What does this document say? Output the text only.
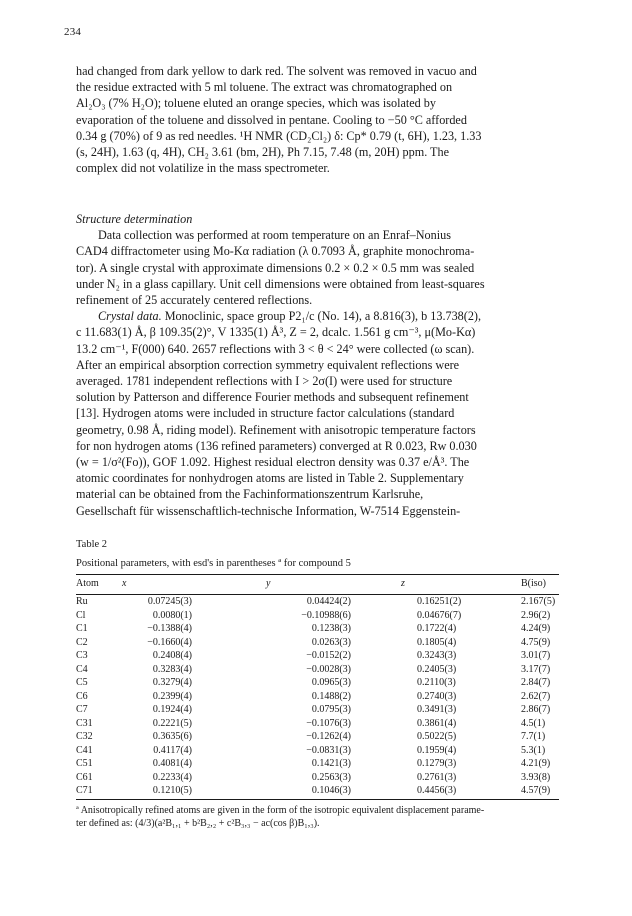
234

had changed from dark yellow to dark red. The solvent was removed in vacuo and

the residue extracted with 5 ml toluene. The extract was chromatographed on

Al₂O₃ (7% H₂O); toluene eluted an orange species, which was isolated by

evaporation of the toluene and dissolved in pentane. Cooling to −50 °C afforded

0.34 g (70%) of 9 as red needles. ¹H NMR (CD₂Cl₂) δ: Cp* 0.79 (t, 6H), 1.23, 1.33

(s, 24H), 1.63 (q, 4H), CH₂ 3.61 (bm, 2H), Ph 7.15, 7.48 (m, 20H) ppm. The

complex did not volatilize in the mass spectrometer.

Structure determination

Data collection was performed at room temperature on an Enraf–Nonius

CAD4 diffractometer using Mo-Kα radiation (λ 0.7093 Å, graphite monochroma-

tor). A single crystal with approximate dimensions 0.2 × 0.2 × 0.5 mm was sealed

under N₂ in a glass capillary. Unit cell dimensions were obtained from least-squares

refinement of 25 accurately centered reflections.

Crystal data. Monoclinic, space group P2₁/c (No. 14), a 8.816(3), b 13.738(2),

c 11.683(1) Å, β 109.35(2)°, V 1335(1) Å³, Z = 2, dcalc. 1.561 g cm⁻³, μ(Mo-Kα)

13.2 cm⁻¹, F(000) 640. 2657 reflections with 3 < θ < 24° were collected (ω scan).

After an empirical absorption correction symmetry equivalent reflections were

averaged. 1781 independent reflections with I > 2σ(I) were used for structure

solution by Patterson and difference Fourier methods and subsequent refinement

[13]. Hydrogen atoms were included in structure factor calculations (standard

geometry, 0.98 Å, riding model). Refinement with anisotropic temperature factors

for non hydrogen atoms (136 refined parameters) converged at R 0.023, Rw 0.030

(w = 1/σ²(Fo)), GOF 1.092. Highest residual electron density was 0.37 e/Å³. The

atomic coordinates for nonhydrogen atoms are listed in Table 2. Supplementary

material can be obtained from the Fachinformationszentrum Karlsruhe,

Gesellschaft für wissenschaftlich-technische Information, W-7514 Eggenstein-

Table 2
Positional parameters, with esd's in parentheses ª for compound 5
Atom	x	y	z	B(iso)

Ru	0.07245(3)	0.04424(2)	0.16251(2)	2.167(5)
Cl	0.0080(1)	−0.10988(6)	0.04676(7)	2.96(2)
C1	−0.1388(4)	0.1238(3)	0.1722(4)	4.24(9)
C2	−0.1660(4)	0.0263(3)	0.1805(4)	4.75(9)
C3	0.2408(4)	−0.0152(2)	0.3243(3)	3.01(7)
C4	0.3283(4)	−0.0028(3)	0.2405(3)	3.17(7)
C5	0.3279(4)	0.0965(3)	0.2110(3)	2.84(7)
C6	0.2399(4)	0.1488(2)	0.2740(3)	2.62(7)
C7	0.1924(4)	0.0795(3)	0.3491(3)	2.86(7)
C31	0.2221(5)	−0.1076(3)	0.3861(4)	4.5(1)
C32	0.3635(6)	−0.1262(4)	0.5022(5)	7.7(1)
C41	0.4117(4)	−0.0831(3)	0.1959(4)	5.3(1)
C51	0.4081(4)	0.1421(3)	0.1279(3)	4.21(9)
C61	0.2233(4)	0.2563(3)	0.2761(3)	3.93(8)
C71	0.1210(5)	0.1046(3)	0.4456(3)	4.57(9)
ª Anisotropically refined atoms are given in the form of the isotropic equivalent displacement parame-
ter defined as: (4/3)(a²B₁,₁ + b²B₂,₂ + c²B₃,₃ − ac(cos β)B₁,₃).
